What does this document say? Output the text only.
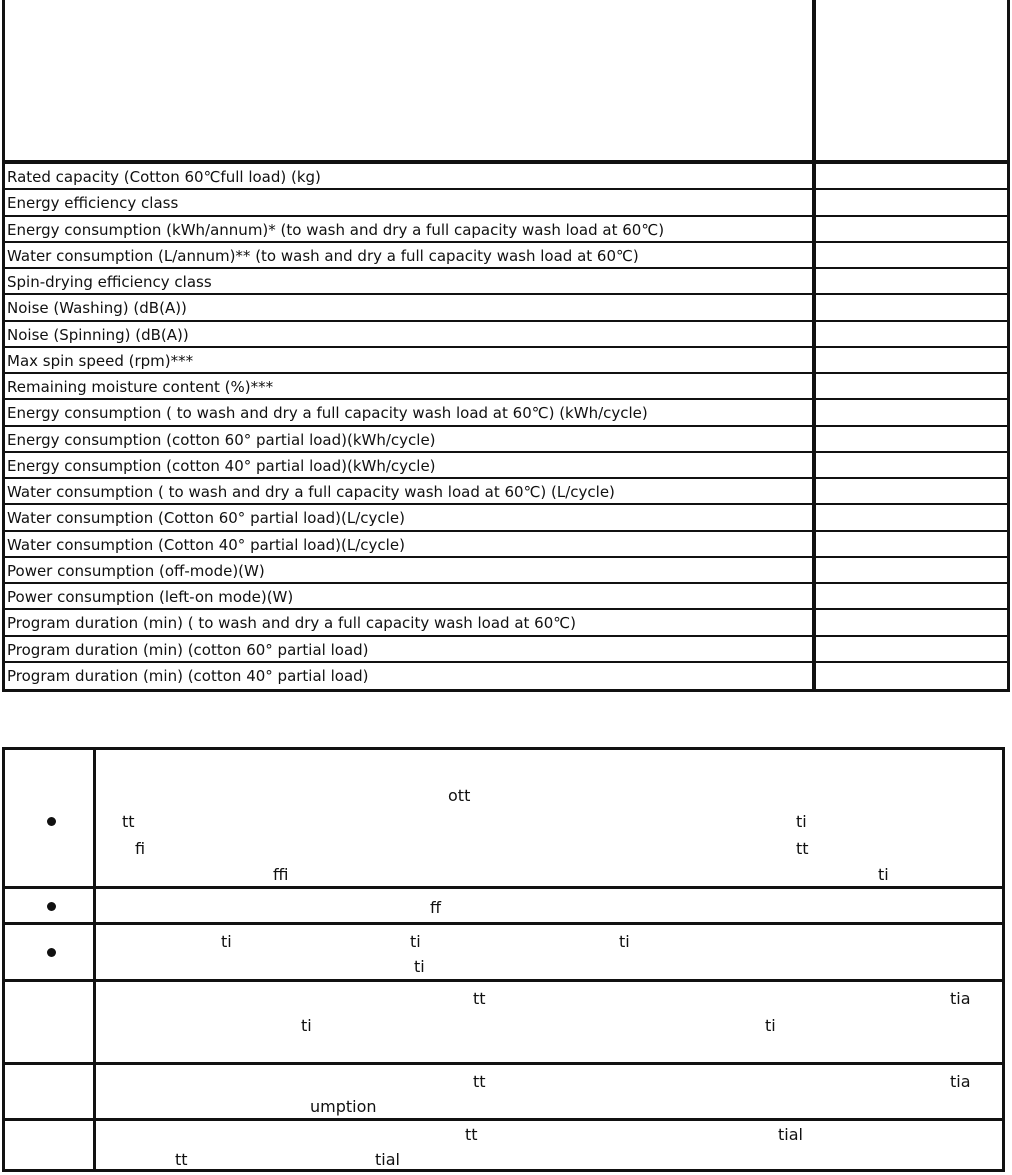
Rated capacity (Cotton 60℃full load) (kg)
Energy efficiency class
Energy consumption (kWh/annum)* (to wash and dry a full capacity wash load at 60℃)
Water consumption (L/annum)** (to wash and dry a full capacity wash load at 60℃)
Spin-drying efficiency class
Noise (Washing) (dB(A))
Noise (Spinning) (dB(A))
Max spin speed (rpm)***
Remaining moisture content (%)***
Energy consumption ( to wash and dry a full capacity wash load at 60℃) (kWh/cycle)
Energy consumption (cotton 60° partial load)(kWh/cycle)
Energy consumption (cotton 40° partial load)(kWh/cycle)
Water consumption ( to wash and dry a full capacity wash load at 60℃) (L/cycle)
Water consumption (Cotton 60° partial load)(L/cycle)
Water consumption (Cotton 40° partial load)(L/cycle)
Power consumption (off-mode)(W)
Power consumption (left-on mode)(W)
Program duration (min) ( to wash and dry a full capacity wash load at 60℃)
Program duration (min) (cotton 60° partial load)
Program duration (min) (cotton 40° partial load)
ott
tt	ti
fi	tt
ffi	ti
ff
ti	ti	ti
ti
tt	tia
ti	ti
tt	tia
umption
tt	tial
tt	tial
